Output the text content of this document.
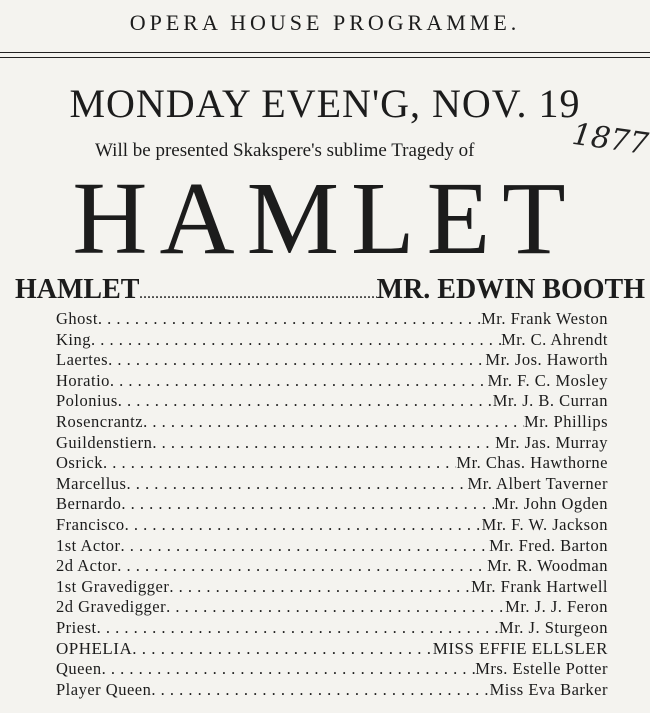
OPERA HOUSE PROGRAMME.
MONDAY EVEN'G, NOV. 19
Will be presented Skakspere's sublime Tragedy of	1877
HAMLET
HAMLET .....	MR. EDWIN BOOTH
Ghost . . .	Mr. Frank Weston
King . . .	Mr. C. Ahrendt
Laertes . . .	Mr. Jos. Haworth
Horatio . . .	Mr. F. C. Mosley
Polonius . . .	Mr. J. B. Curran
Rosencrantz . . .	Mr. Phillips
Guildenstiern . . .	Mr. Jas. Murray
Osrick . . .	Mr. Chas. Hawthorne
Marcellus . . .	Mr. Albert Taverner
Bernardo . . .	Mr. John Ogden
Francisco . . .	Mr. F. W. Jackson
1st Actor . . .	Mr. Fred. Barton
2d Actor . . .	Mr. R. Woodman
1st Gravedigger . . .	Mr. Frank Hartwell
2d Gravedigger . . .	Mr. J. J. Feron
Priest . . .	Mr. J. Sturgeon
OPHELIA . . .	MISS EFFIE ELLSLER
Queen . . .	Mrs. Estelle Potter
Player Queen . . .	Miss Eva Barker
